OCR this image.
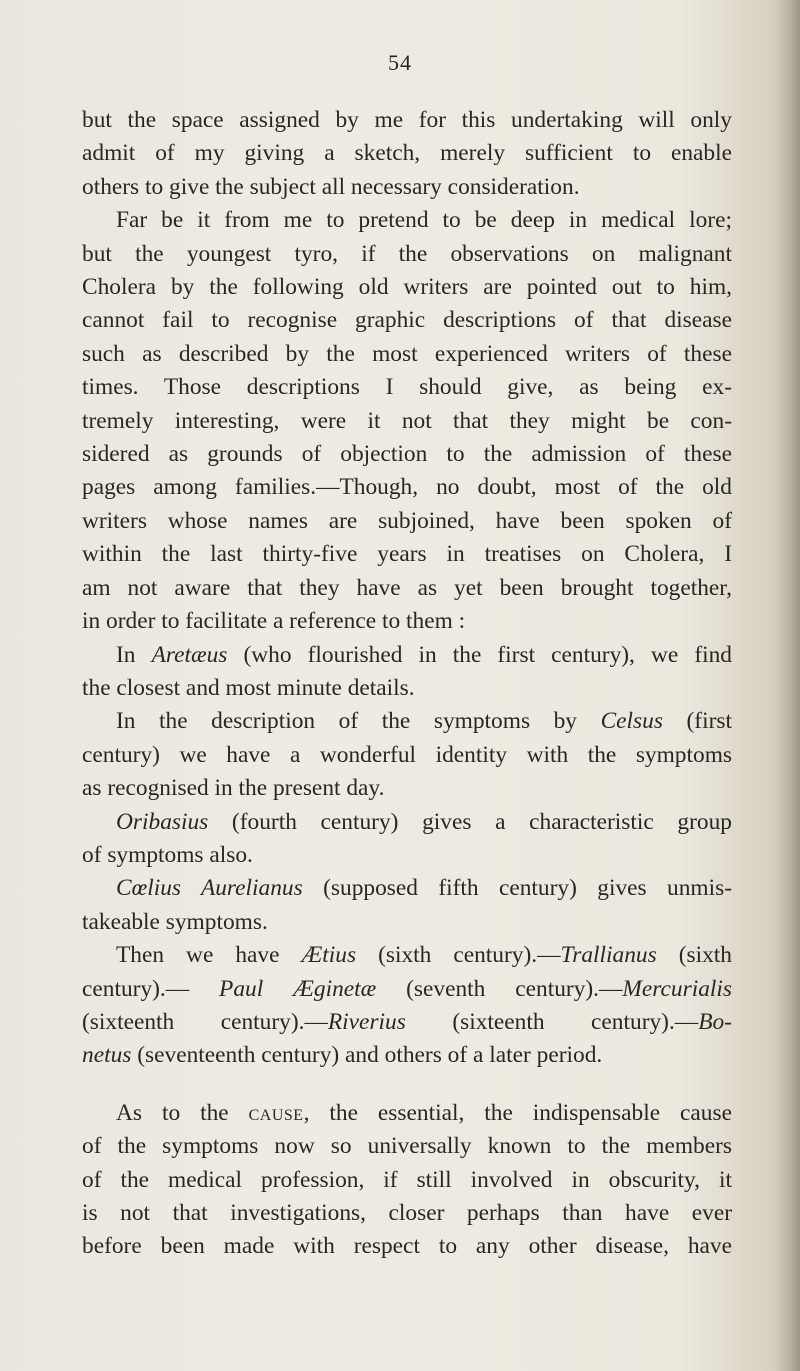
54
but the space assigned by me for this undertaking will only
admit of my giving a sketch, merely sufficient to enable
others to give the subject all necessary consideration.
Far be it from me to pretend to be deep in medical lore;
but the youngest tyro, if the observations on malignant
Cholera by the following old writers are pointed out to him,
cannot fail to recognise graphic descriptions of that disease
such as described by the most experienced writers of these
times. Those descriptions I should give, as being ex-
tremely interesting, were it not that they might be con-
sidered as grounds of objection to the admission of these
pages among families.—Though, no doubt, most of the old
writers whose names are subjoined, have been spoken of
within the last thirty-five years in treatises on Cholera, I
am not aware that they have as yet been brought together,
in order to facilitate a reference to them :
In Aretæus (who flourished in the first century), we find
the closest and most minute details.
In the description of the symptoms by Celsus (first
century) we have a wonderful identity with the symptoms
as recognised in the present day.
Oribasius (fourth century) gives a characteristic group
of symptoms also.
Cœlius Aurelianus (supposed fifth century) gives unmis-
takeable symptoms.
Then we have Ætius (sixth century).—Trallianus (sixth
century).— Paul Æginetæ (seventh century).—Mercurialis
(sixteenth century).—Riverius (sixteenth century).—Bo-
netus (seventeenth century) and others of a later period.
As to the cause, the essential, the indispensable cause
of the symptoms now so universally known to the members
of the medical profession, if still involved in obscurity, it
is not that investigations, closer perhaps than have ever
before been made with respect to any other disease, have
